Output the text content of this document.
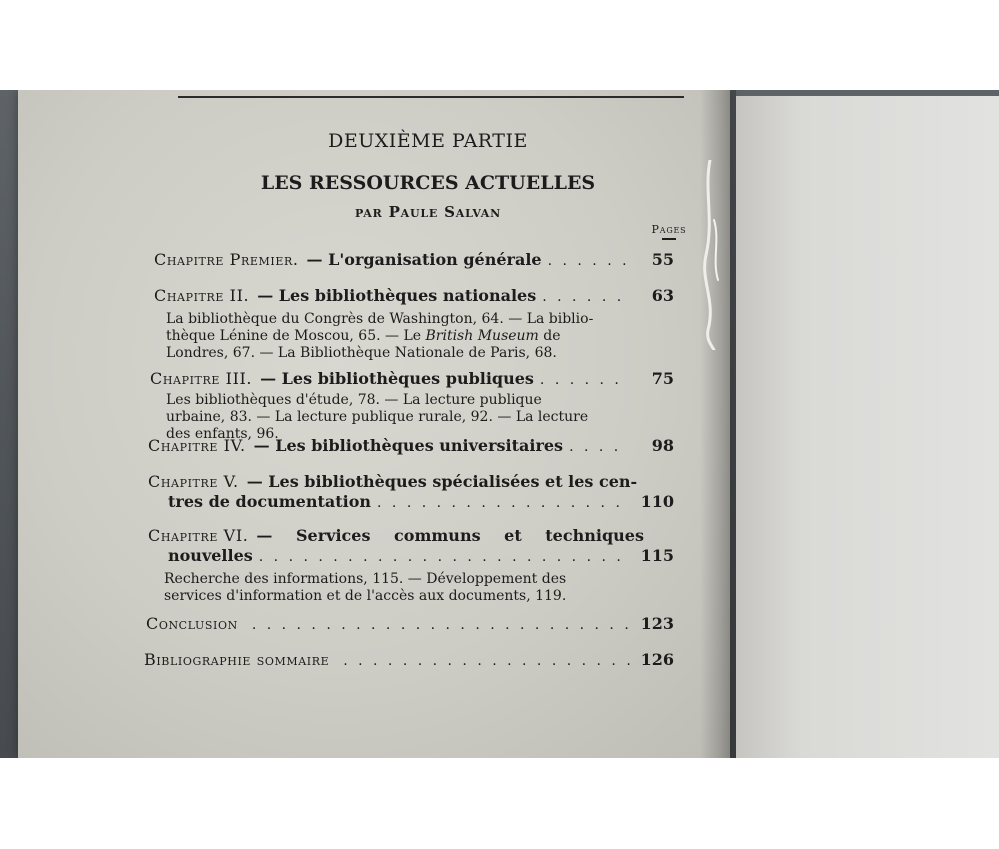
DEUXIÈME PARTIE
LES RESSOURCES ACTUELLES
par Paule Salvan
Pages
Chapitre Premier. — L'organisation générale . . .	55
Chapitre II. — Les bibliothèques nationales . . .	63
La bibliothèque du Congrès de Washington, 64. — La biblio-
thèque Lénine de Moscou, 65. — Le British Museum de
Londres, 67. — La Bibliothèque Nationale de Paris, 68.
Chapitre III. — Les bibliothèques publiques . . .	75
Les bibliothèques d'étude, 78. — La lecture publique
urbaine, 83. — La lecture publique rurale, 92. — La lecture
des enfants, 96.
Chapitre IV. — Les bibliothèques universitaires . . .	98
Chapitre V. — Les bibliothèques spécialisées et les cen-
tres de documentation . . .	110
Chapitre VI. — Services communs et techniques
nouvelles . . .	115
Recherche des informations, 115. — Développement des
services d'information et de l'accès aux documents, 119.
Conclusion . . .	123
Bibliographie sommaire . . .	126
